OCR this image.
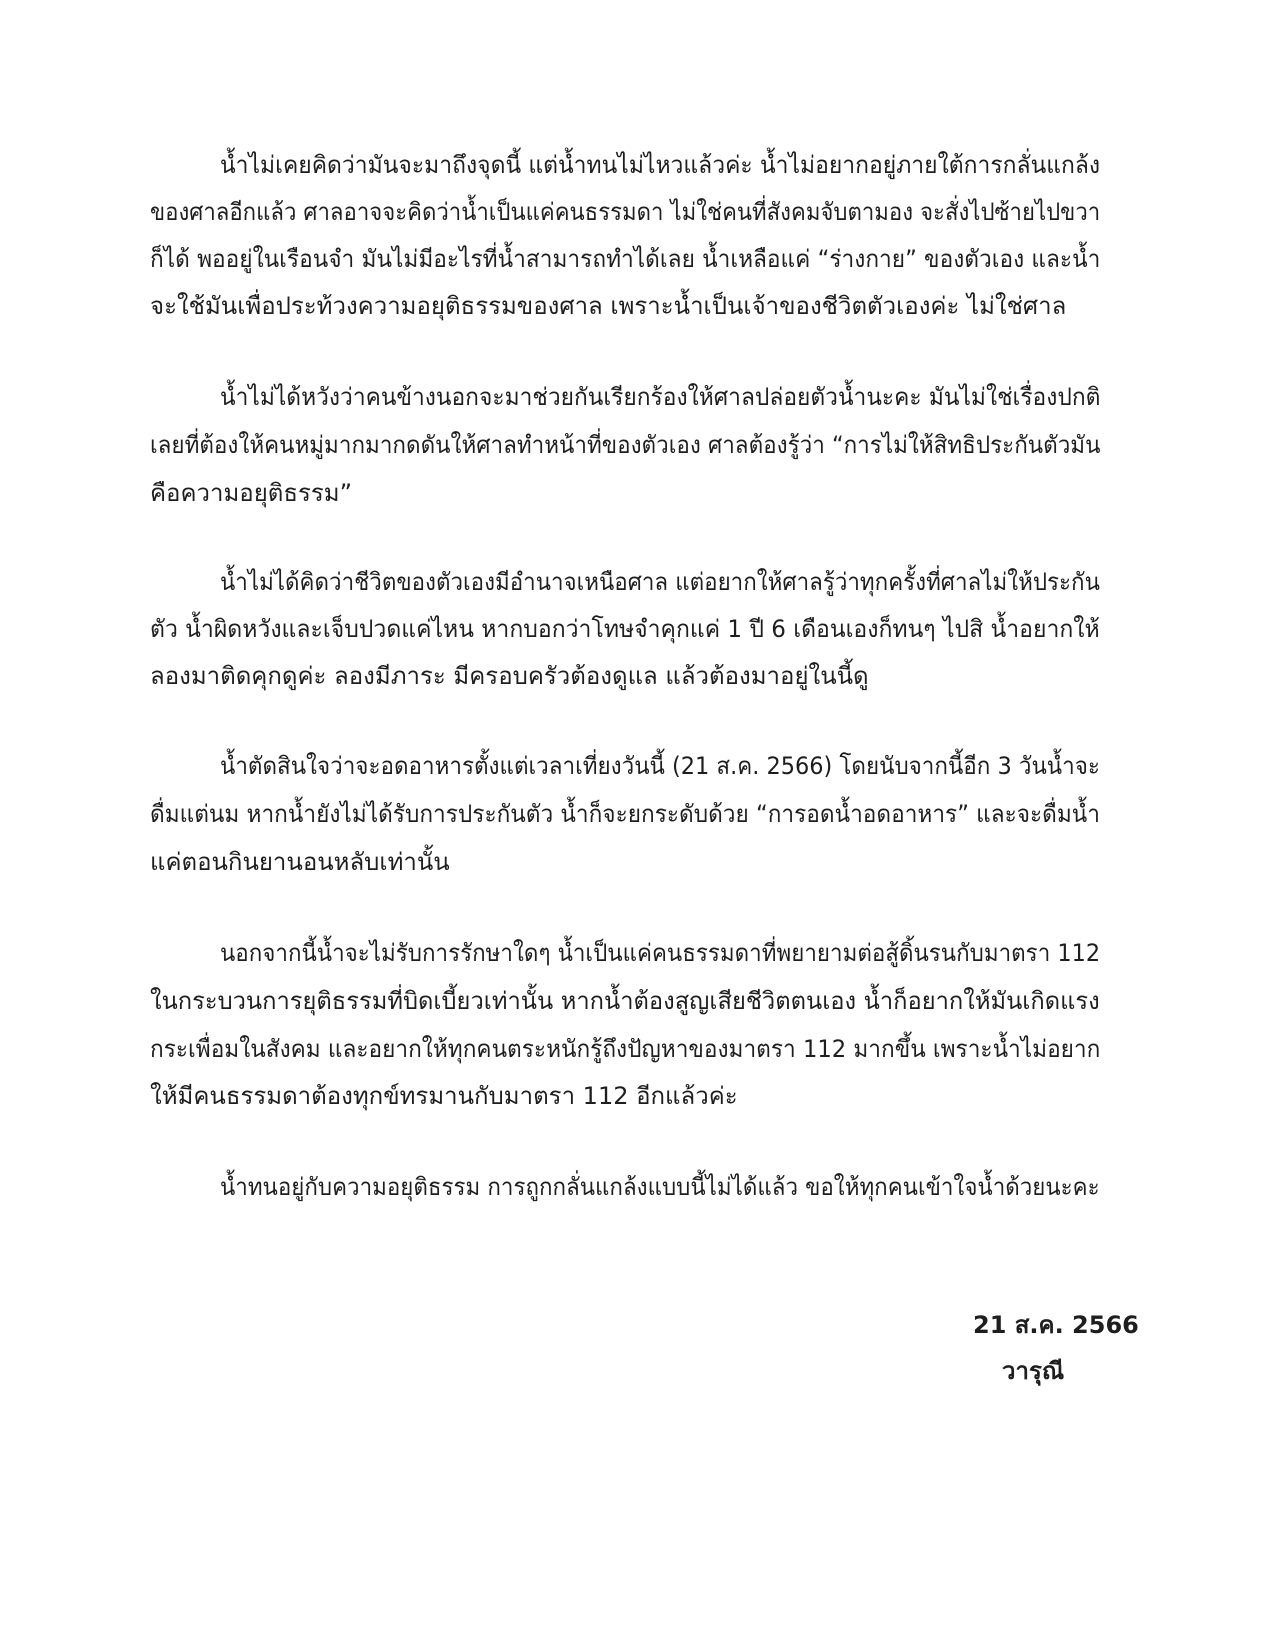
น้ำไม่เคยคิดว่ามันจะมาถึงจุดนี้ แต่น้ำทนไม่ไหวแล้วค่ะ น้ำไม่อยากอยู่ภายใต้การกลั่นแกล้ง
ของศาลอีกแล้ว ศาลอาจจะคิดว่าน้ำเป็นแค่คนธรรมดา ไม่ใช่คนที่สังคมจับตามอง จะสั่งไปซ้ายไปขวา
ก็ได้ พออยู่ในเรือนจำ มันไม่มีอะไรที่น้ำสามารถทำได้เลย น้ำเหลือแค่ “ร่างกาย” ของตัวเอง และน้ำ
จะใช้มันเพื่อประท้วงความอยุติธรรมของศาล เพราะน้ำเป็นเจ้าของชีวิตตัวเองค่ะ ไม่ใช่ศาล
น้ำไม่ได้หวังว่าคนข้างนอกจะมาช่วยกันเรียกร้องให้ศาลปล่อยตัวน้ำนะคะ มันไม่ใช่เรื่องปกติ
เลยที่ต้องให้คนหมู่มากมากดดันให้ศาลทำหน้าที่ของตัวเอง ศาลต้องรู้ว่า “การไม่ให้สิทธิประกันตัวมัน
คือความอยุติธรรม”
น้ำไม่ได้คิดว่าชีวิตของตัวเองมีอำนาจเหนือศาล แต่อยากให้ศาลรู้ว่าทุกครั้งที่ศาลไม่ให้ประกัน
ตัว น้ำผิดหวังและเจ็บปวดแค่ไหน หากบอกว่าโทษจำคุกแค่ 1 ปี 6 เดือนเองก็ทนๆ ไปสิ น้ำอยากให้
ลองมาติดคุกดูค่ะ ลองมีภาระ มีครอบครัวต้องดูแล แล้วต้องมาอยู่ในนี้ดู
น้ำตัดสินใจว่าจะอดอาหารตั้งแต่เวลาเที่ยงวันนี้ (21 ส.ค. 2566) โดยนับจากนี้อีก 3 วันน้ำจะ
ดื่มแต่นม หากน้ำยังไม่ได้รับการประกันตัว น้ำก็จะยกระดับด้วย “การอดน้ำอดอาหาร” และจะดื่มน้ำ
แค่ตอนกินยานอนหลับเท่านั้น
นอกจากนี้น้ำจะไม่รับการรักษาใดๆ น้ำเป็นแค่คนธรรมดาที่พยายามต่อสู้ดิ้นรนกับมาตรา 112
ในกระบวนการยุติธรรมที่บิดเบี้ยวเท่านั้น หากน้ำต้องสูญเสียชีวิตตนเอง น้ำก็อยากให้มันเกิดแรง
กระเพื่อมในสังคม และอยากให้ทุกคนตระหนักรู้ถึงปัญหาของมาตรา 112 มากขึ้น เพราะน้ำไม่อยาก
ให้มีคนธรรมดาต้องทุกข์ทรมานกับมาตรา 112 อีกแล้วค่ะ
น้ำทนอยู่กับความอยุติธรรม การถูกกลั่นแกล้งแบบนี้ไม่ได้แล้ว ขอให้ทุกคนเข้าใจน้ำด้วยนะคะ
21 ส.ค. 2566
วารุณี
